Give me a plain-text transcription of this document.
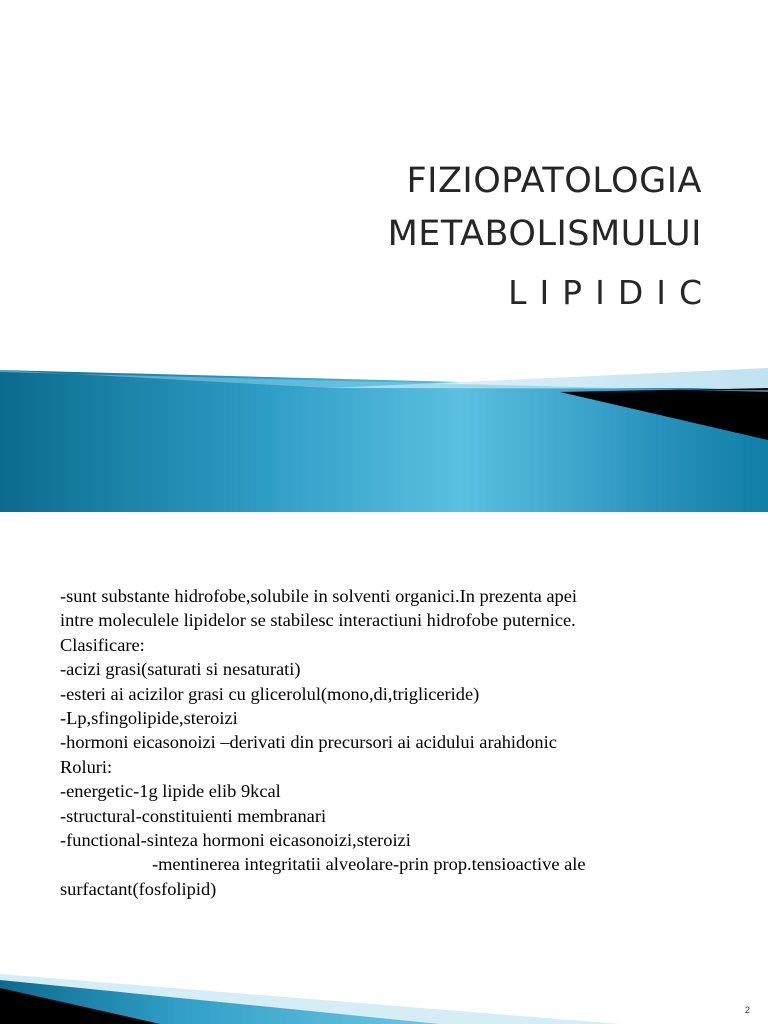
FIZIOPATOLOGIA
METABOLISMULUI
LIPIDIC
-sunt substante hidrofobe,solubile in solventi organici.In prezenta apei
intre moleculele lipidelor se stabilesc interactiuni hidrofobe puternice.
Clasificare:
-acizi grasi(saturati si nesaturati)
-esteri ai acizilor grasi cu glicerolul(mono,di,trigliceride)
-Lp,sfingolipide,steroizi
-hormoni eicasonoizi –derivati din precursori ai acidului arahidonic
Roluri:
-energetic-1g lipide elib 9kcal
-structural-constituienti membranari
-functional-sinteza hormoni eicasonoizi,steroizi
-mentinerea integritatii alveolare-prin prop.tensioactive ale
surfactant(fosfolipid)
2
